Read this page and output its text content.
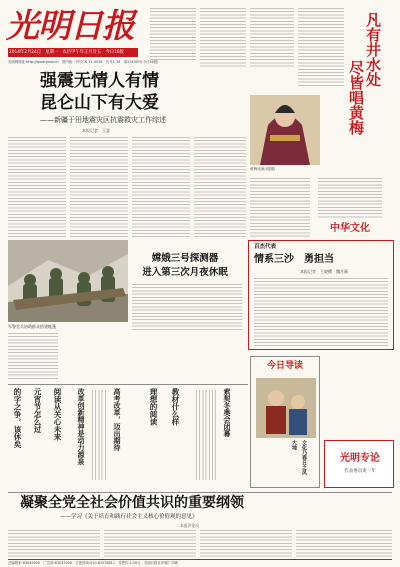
光明日报
2014年2月24日　星期一　农历甲午年正月廿五　今日16版
光明网网址:http://www.gmw.cn　国内统一刊号CN 11-0026　代号1-16　第23400号(今日16版)
强震无情人有情
昆仑山下有大爱
——新疆于田地震灾区抗震救灾工作综述
本报记者　王瑟
军警官兵协助群众搭建帐篷
嫦娥三号探测器
进入第三次月夜休眠
凡有井水处
尽皆唱黄梅
黄梅戏演出剧照
中华文化
百杰代表
情系三沙　勇担当
本报记者　王晓樱　魏月蘅
的字之争，该休矣 元宵节怎么过 阅读从关心未来 改革创新精神是动力源泉	高考改革，迈出期待	理想的阅读 教材什么样	索契冬奥会闭幕
今日导读
文化乃春日之风
大地
光明专论
代表委员说一年
凝聚全党全社会价值共识的重要纲领
——学习《关于培育和践行社会主义核心价值观的意见》
本报评论员
总编辑室:63049900　广告部:63037000　订报热线:010-67078811　零售价:1.50元　光明日报社印刷厂印刷
